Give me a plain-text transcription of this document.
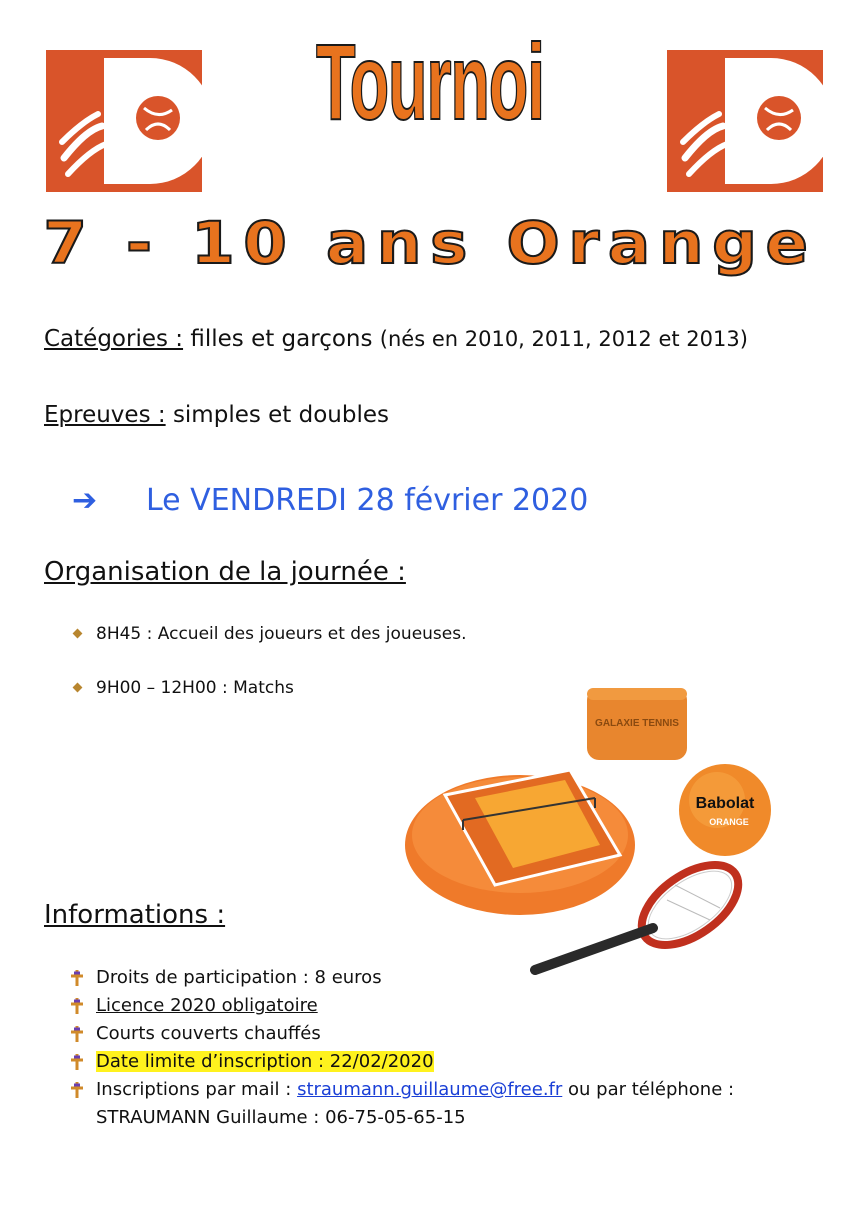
Tournoi
7 - 10 ans Orange
Catégories : filles et garçons (nés en 2010, 2011, 2012 et 2013)
Epreuves : simples et doubles
➔ Le VENDREDI 28 février 2020
Organisation de la journée :
8H45 : Accueil des joueurs et des joueuses.
9H00 – 12H00 : Matchs
GALAXIE TENNIS
Babolat
ORANGE
Informations :
Droits de participation : 8 euros
Licence 2020 obligatoire
Courts couverts chauffés
Date limite d’inscription : 22/02/2020
Inscriptions par mail : straumann.guillaume@free.fr ou par téléphone :
STRAUMANN Guillaume : 06-75-05-65-15
